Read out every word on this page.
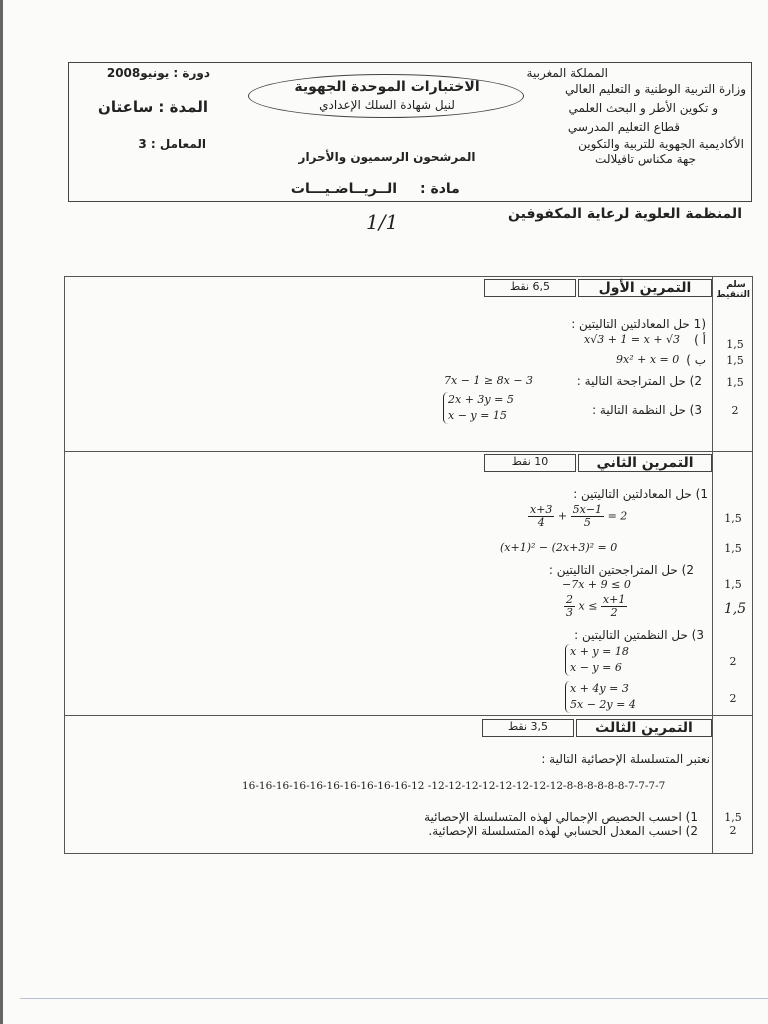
المملكة المغربية
وزارة التربية الوطنية و التعليم العالي
و تكوين الأطر و البحث العلمي
قطاع التعليم المدرسي
الأكاديمية الجهوية للتربية والتكوين
جهة مكناس تافيلالت
الاختبارات الموحدة الجهوية
لنيل شهادة السلك الإعدادي
المرشحون الرسميون والأحرار
مادة :
الــريــاضـيـــات
دورة : يونيو2008
المدة : ساعتان
المعامل : 3
المنظمة العلوية لرعاية المكفوفين
1/1
سلم التنقيط
التمرين الأول
6,5 نقط
(1 حل المعادلتين التاليتين :
أ )
x√3 + 1 = x + √3
ب )
9x² + x = 0
2) حل المتراجحة التالية :
7x − 1 ≥ 8x − 3
3) حل النظمة التالية :
2x + 3y = 5
x − y = 15
1,5
1,5
1,5
2
التمرين الثاني
10 نقط
1) حل المعادلتين التاليتين :
$\frac{x+3}{4} + \frac{5x-1}{5} = 2$
(x+1)² − (2x+3)² = 0
2) حل المتراجحتين التاليتين :
−7x + 9 ≤ 0
$\frac{2}{3}$ $x \le \frac{x+1}{2}$
3) حل النظمتين التاليتين :
x + y = 18
x − y = 6
x + 4y = 3
5x − 2y = 4
1,5
1,5
1,5
1,5
2
2
التمرين الثالث
3,5 نقط
نعتبر المتسلسلة الإحصائية التالية :
16-16-16-16-16-16-16-16-16-16-12 -12-12-12-12-12-12-12-12-8-8-8-8-8-8-7-7-7-7
1) احسب الحصيص الإجمالي لهذه المتسلسلة الإحصائية
2) احسب المعدل الحسابي لهذه المتسلسلة الإحصائية.
1,5
2
